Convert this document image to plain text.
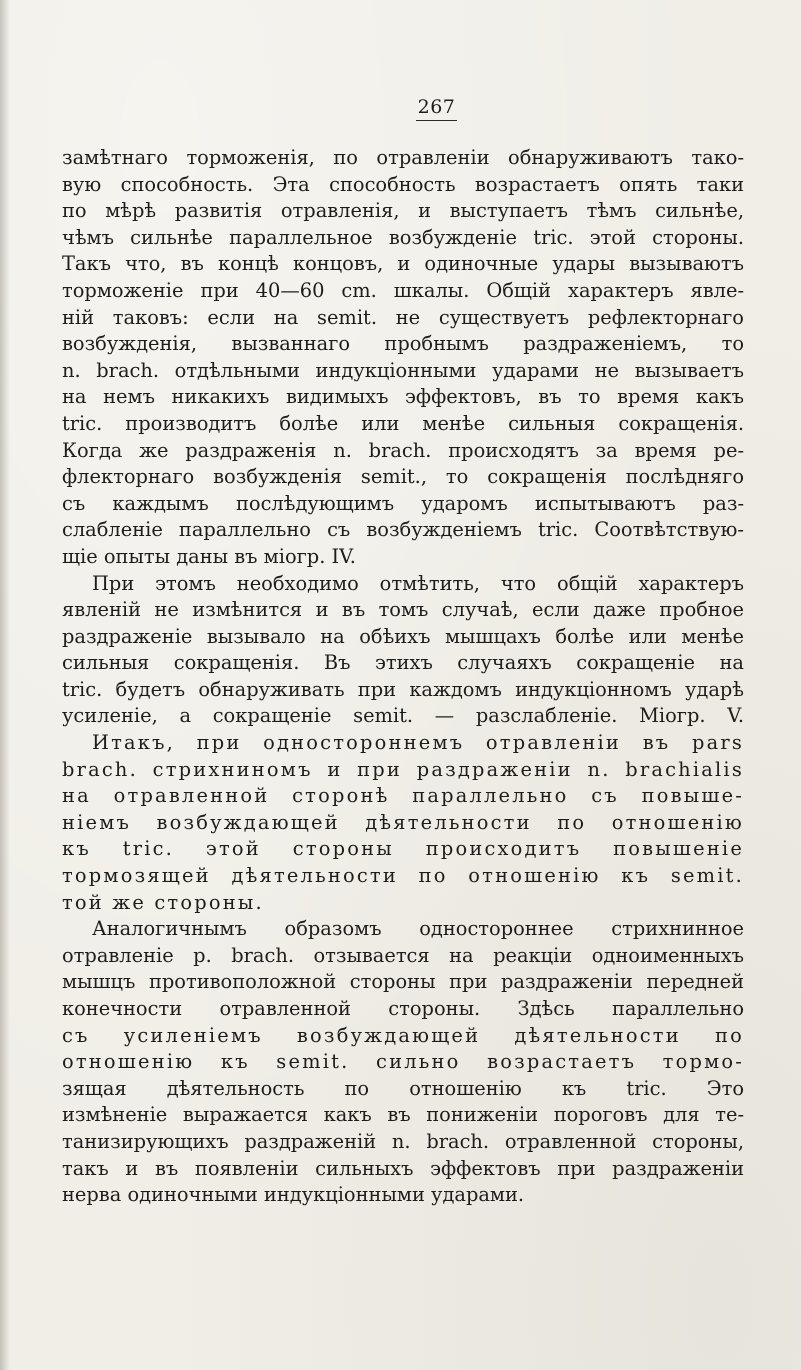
267
замѣтнаго торможенія, по отравленіи обнаруживаютъ тако-
вую способность. Эта способность возрастаетъ опять таки
по мѣрѣ развитія отравленія, и выступаетъ тѣмъ сильнѣе,
чѣмъ сильнѣе параллельное возбужденіе tric. этой стороны.
Такъ что, въ концѣ концовъ, и одиночные удары вызываютъ
торможеніе при 40—60 cm. шкалы. Общій характеръ явле-
ній таковъ: если на semit. не существуетъ рефлекторнаго
возбужденія, вызваннаго пробнымъ раздраженіемъ, то
n. brach. отдѣльными индукціонными ударами не вызываетъ
на немъ никакихъ видимыхъ эффектовъ, въ то время какъ
tric. производитъ болѣе или менѣе сильныя сокращенія.
Когда же раздраженія n. brach. происходятъ за время ре-
флекторнаго возбужденія semit., то сокращенія послѣдняго
съ каждымъ послѣдующимъ ударомъ испытываютъ раз-
слабленіе параллельно съ возбужденіемъ tric. Соотвѣтствую-
щіе опыты даны въ міогр. IV.
При этомъ необходимо отмѣтить, что общій характеръ
явленій не измѣнится и въ томъ случаѣ, если даже пробное
раздраженіе вызывало на обѣихъ мышцахъ болѣе или менѣе
сильныя сокращенія. Въ этихъ случаяхъ сокращеніе на
tric. будетъ обнаруживать при каждомъ индукціонномъ ударѣ
усиленіе, а сокращеніе semit. — разслабленіе. Міогр. V.
Итакъ, при одностороннемъ отравленіи въ pars
brach. стрихниномъ и при раздраженіи n. brachialis
на отравленной сторонѣ параллельно съ повыше-
ніемъ возбуждающей дѣятельности по отношенію
къ tric. этой стороны происходитъ повышеніе
тормозящей дѣятельности по отношенію къ semit.
той же стороны.
Аналогичнымъ образомъ одностороннее стрихнинное
отравленіе p. brach. отзывается на реакціи одноименныхъ
мышцъ противоположной стороны при раздраженіи передней
конечности отравленной стороны. Здѣсь параллельно
съ усиленіемъ возбуждающей дѣятельности по
отношенію къ semit. сильно возрастаетъ тормо-
зящая дѣятельность по отношенію къ tric. Это
измѣненіе выражается какъ въ пониженіи пороговъ для те-
танизирующихъ раздраженій n. brach. отравленной стороны,
такъ и въ появленіи сильныхъ эффектовъ при раздраженіи
нерва одиночными индукціонными ударами.
